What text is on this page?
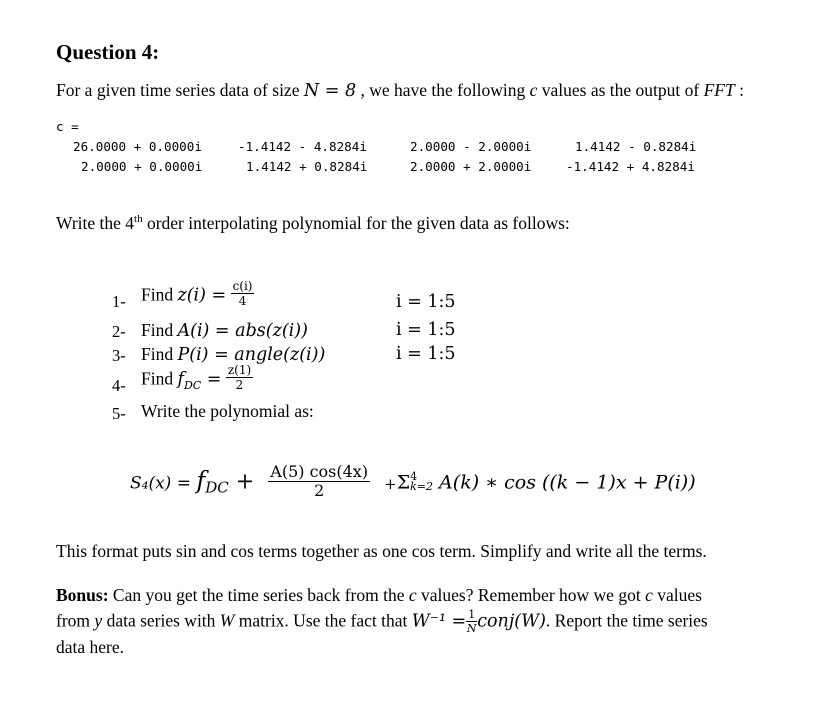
Question 4:
For a given time series data of size N = 8 , we have the following c values as the output of FFT :
c =
26.0000 + 0.0000i	-1.4142 - 4.8284i	2.0000 - 2.0000i	1.4142 - 0.8284i
2.0000 + 0.0000i	1.4142 + 0.8284i	2.0000 + 2.0000i	-1.4142 + 4.8284i
Write the 4th order interpolating polynomial for the given data as follows:
1- Find $z(i) = \frac{c(i)}{4}$	i = 1:5
2- Find A(i) = abs(z(i))	i = 1:5
3- Find P(i) = angle(z(i))	i = 1:5
4- Find $f_{DC} = \frac{z(1)}{2}$
5- Write the polynomial as:
$S_4(x) = f_{DC} + \frac{A(5) \cos(4x)}{2} +\Sigma$ 4
k=2 A(k) ∗ cos ((k − 1)x + P(i))
This format puts sin and cos terms together as one cos term. Simplify and write all the terms.
Bonus: Can you get the time series back from the c values? Remember how we got c values
from y data series with W matrix. Use the fact that $W^{-1} = \frac{1}{N}$ conj(W). Report the time series
data here.
